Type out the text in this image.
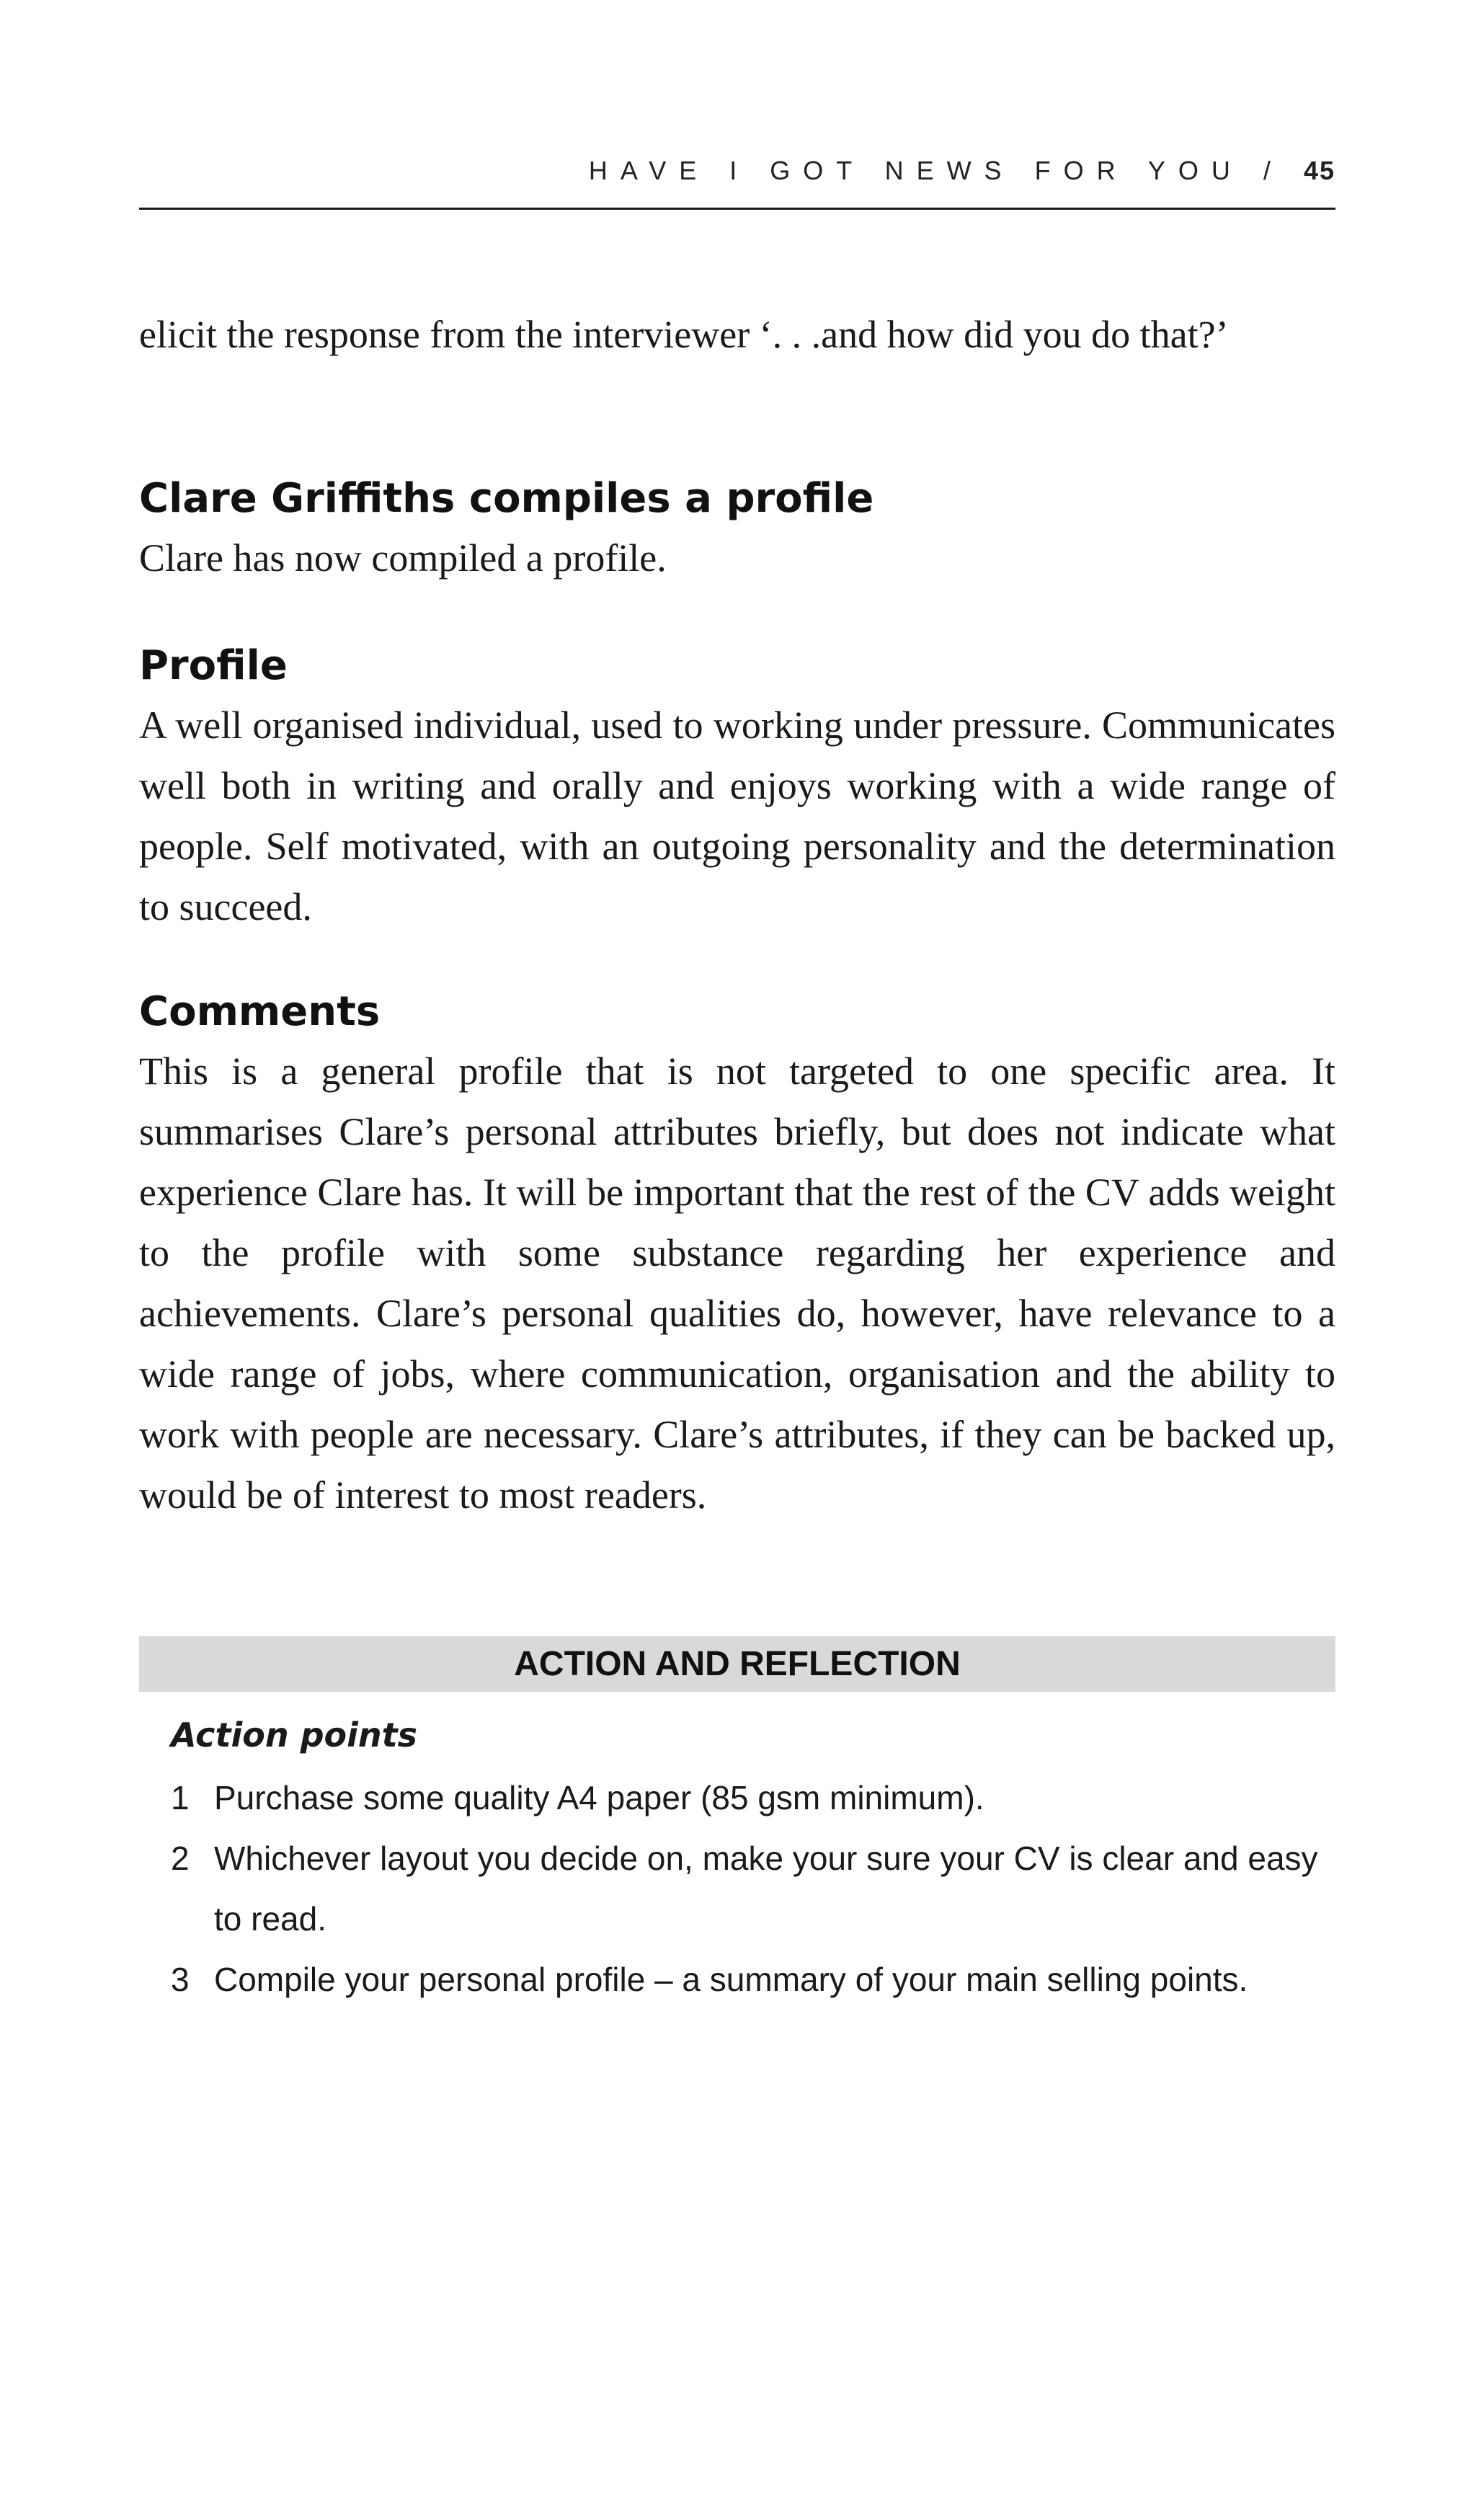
HAVE I GOT NEWS FOR YOU / 45

elicit the response from the interviewer ‘. . .and how did you do that?’

Clare Griffiths compiles a profile

Clare has now compiled a profile.

Profile

A well organised individual, used to working under pressure. Communicates well both in writing and orally and enjoys working with a wide range of people. Self motivated, with an outgoing personality and the determination to succeed.

Comments

This is a general profile that is not targeted to one specific area. It summarises Clare’s personal attributes briefly, but does not indicate what experience Clare has. It will be important that the rest of the CV adds weight to the profile with some substance regarding her experience and achievements. Clare’s personal qualities do, however, have relevance to a wide range of jobs, where communication, organisation and the ability to work with people are necessary. Clare’s attributes, if they can be backed up, would be of interest to most readers.

ACTION AND REFLECTION

Action points

1 Purchase some quality A4 paper (85 gsm minimum).
2 Whichever layout you decide on, make your sure your CV is clear and easy to read.
3 Compile your personal profile – a summary of your main selling points.
